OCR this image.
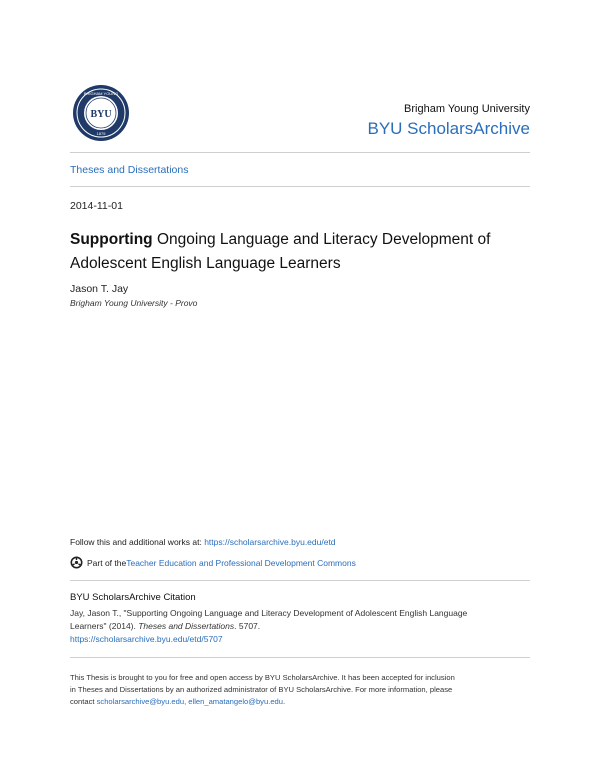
BYU
BRIGHAM YOUNG
1875
Brigham Young University
BYU ScholarsArchive
Theses and Dissertations
2014-11-01
Supporting Ongoing Language and Literacy Development of
Adolescent English Language Learners
Jason T. Jay
Brigham Young University - Provo
Follow this and additional works at: https://scholarsarchive.byu.edu/etd
Part of the Teacher Education and Professional Development Commons
BYU ScholarsArchive Citation
Jay, Jason T., "Supporting Ongoing Language and Literacy Development of Adolescent English Language
Learners" (2014). Theses and Dissertations. 5707.
https://scholarsarchive.byu.edu/etd/5707
This Thesis is brought to you for free and open access by BYU ScholarsArchive. It has been accepted for inclusion
in Theses and Dissertations by an authorized administrator of BYU ScholarsArchive. For more information, please
contact scholarsarchive@byu.edu, ellen_amatangelo@byu.edu.
